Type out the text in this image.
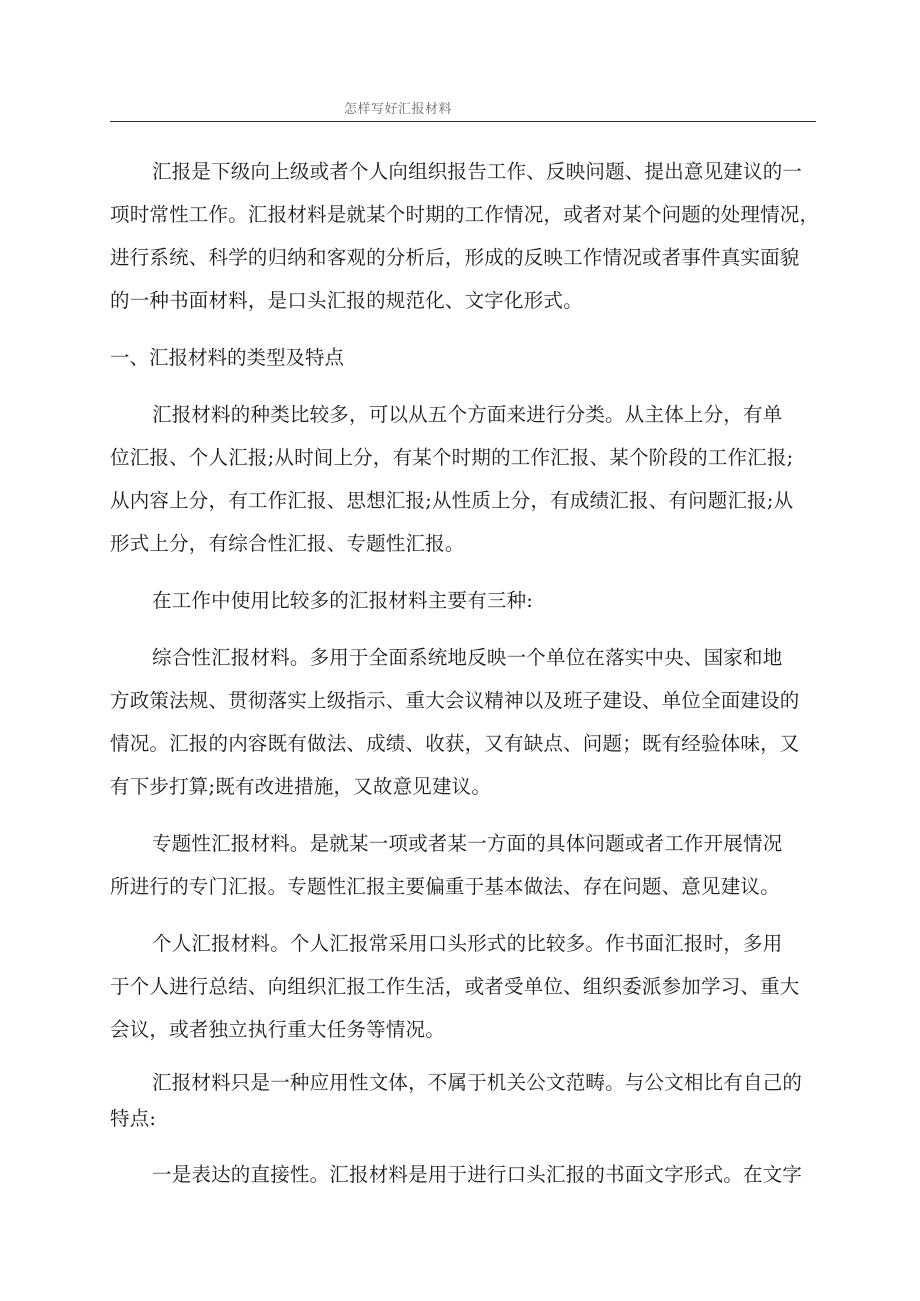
怎样写好汇报材料

汇报是下级向上级或者个人向组织报告工作、反映问题、提出意见建议的一
项时常性工作。汇报材料是就某个时期的工作情况，或者对某个问题的处理情况，
进行系统、科学的归纳和客观的分析后，形成的反映工作情况或者事件真实面貌
的一种书面材料，是口头汇报的规范化、文字化形式。

一、汇报材料的类型及特点

汇报材料的种类比较多，可以从五个方面来进行分类。从主体上分，有单
位汇报、个人汇报;从时间上分，有某个时期的工作汇报、某个阶段的工作汇报;
从内容上分，有工作汇报、思想汇报;从性质上分，有成绩汇报、有问题汇报;从
形式上分，有综合性汇报、专题性汇报。

在工作中使用比较多的汇报材料主要有三种:

综合性汇报材料。多用于全面系统地反映一个单位在落实中央、国家和地
方政策法规、贯彻落实上级指示、重大会议精神以及班子建设、单位全面建设的
情况。汇报的内容既有做法、成绩、收获，又有缺点、问题；既有经验体味，又
有下步打算;既有改进措施，又故意见建议。

专题性汇报材料。是就某一项或者某一方面的具体问题或者工作开展情况
所进行的专门汇报。专题性汇报主要偏重于基本做法、存在问题、意见建议。

个人汇报材料。个人汇报常采用口头形式的比较多。作书面汇报时，多用
于个人进行总结、向组织汇报工作生活，或者受单位、组织委派参加学习、重大
会议，或者独立执行重大任务等情况。

汇报材料只是一种应用性文体，不属于机关公文范畴。与公文相比有自己的
特点:

一是表达的直接性。汇报材料是用于进行口头汇报的书面文字形式。在文字
